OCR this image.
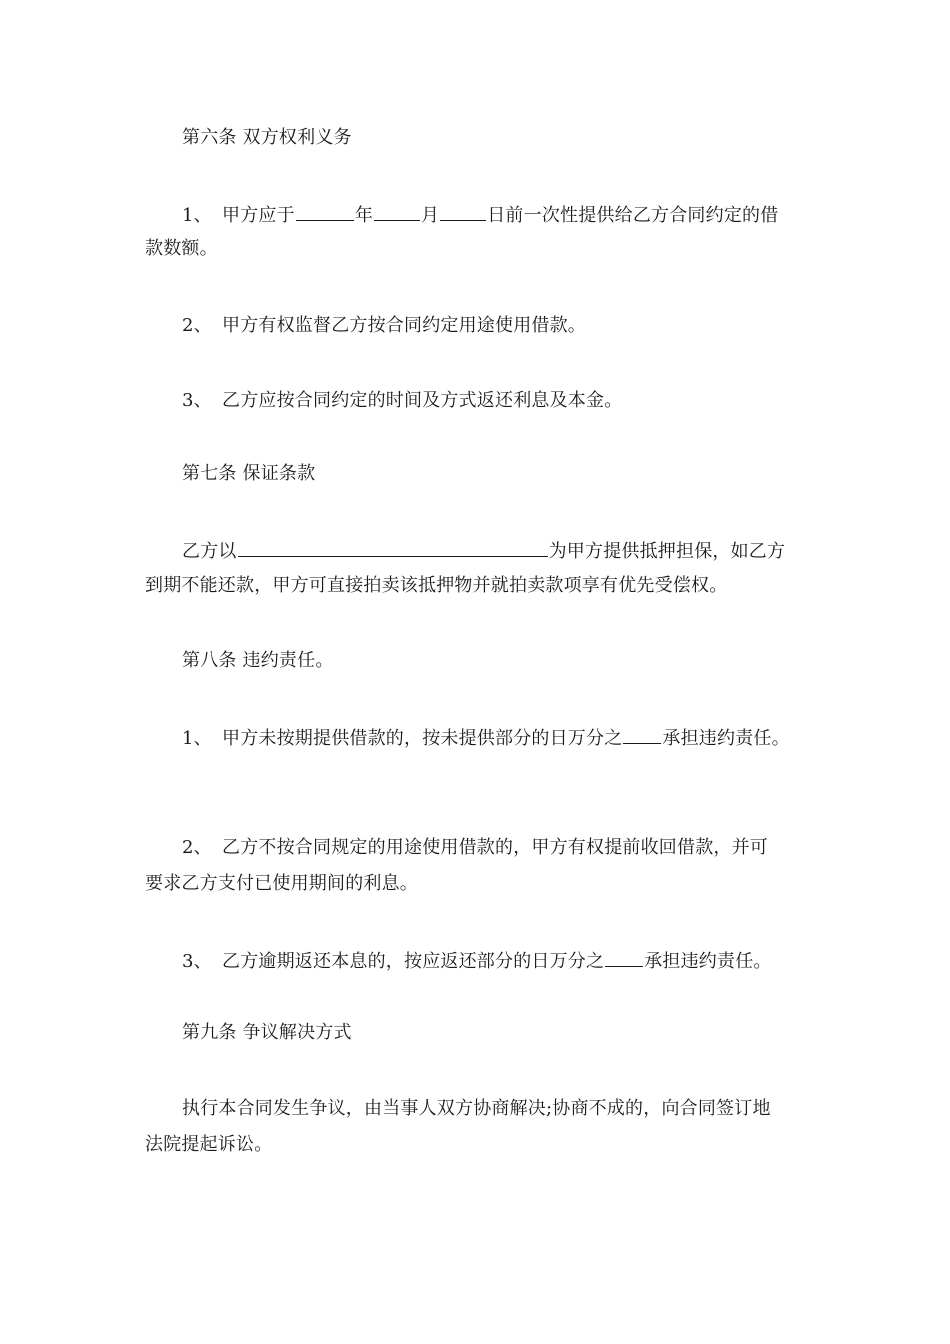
第六条 双方权利义务
1、 甲方应于	年	月	日前一次性提供给乙方合同约定的借
款数额。
2、 甲方有权监督乙方按合同约定用途使用借款。
3、 乙方应按合同约定的时间及方式返还利息及本金。
第七条 保证条款
乙方以	为甲方提供抵押担保，如乙方
到期不能还款，甲方可直接拍卖该抵押物并就拍卖款项享有优先受偿权。
第八条 违约责任。
1、 甲方未按期提供借款的，按未提供部分的日万分之 承担违约责任。
2、 乙方不按合同规定的用途使用借款的，甲方有权提前收回借款，并可
要求乙方支付已使用期间的利息。
3、 乙方逾期返还本息的，按应返还部分的日万分之 承担违约责任。
第九条 争议解决方式
执行本合同发生争议，由当事人双方协商解决;协商不成的，向合同签订地
法院提起诉讼。
